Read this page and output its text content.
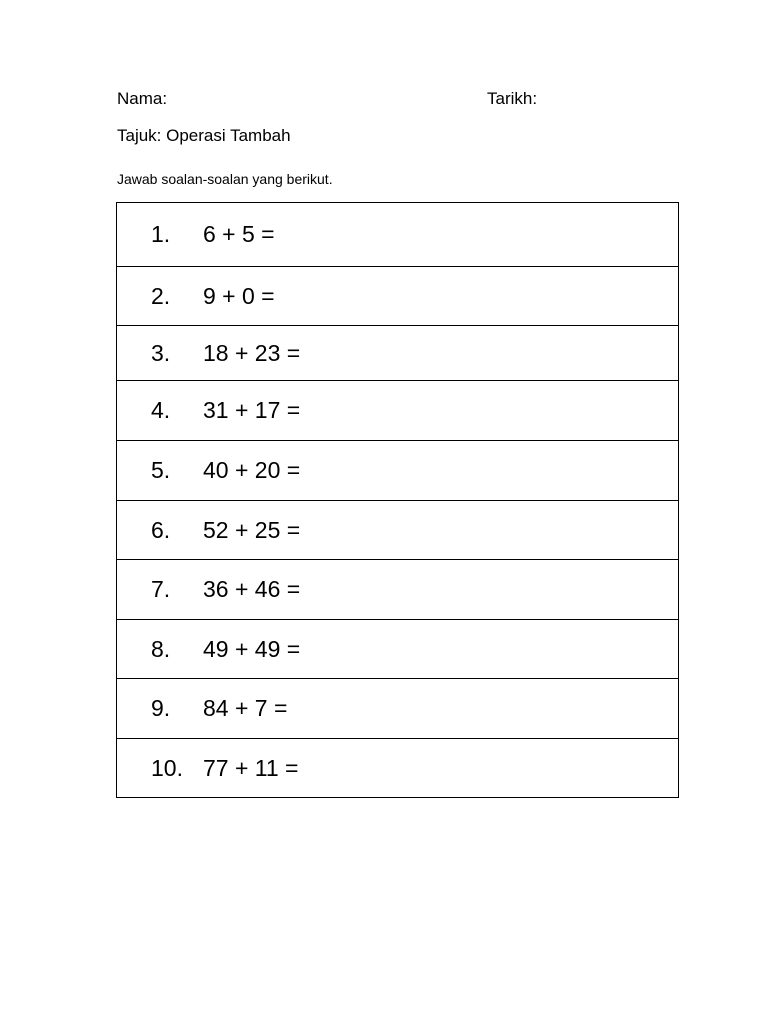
Nama:	Tarikh:
Tajuk: Operasi Tambah
Jawab soalan-soalan yang berikut.
1.	6 + 5 =

2.	9 + 0 =

3.	18 + 23 =

4.	31 + 17 =

5.	40 + 20 =

6.	52 + 25 =

7.	36 + 46 =

8.	49 + 49 =

9.	84 + 7 =

10. 77 + 11 =
